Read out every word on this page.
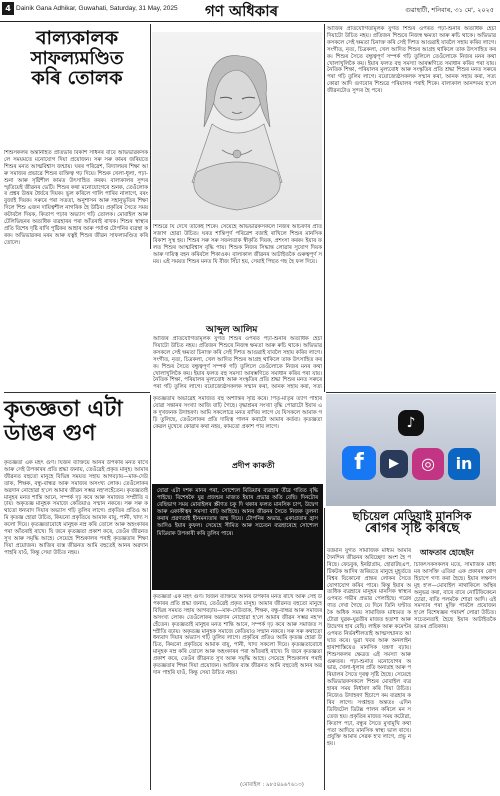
4 Dainik Gana Adhikar, Guwahati, Saturday, 31 May, 2025 গণ অধিকাৰ	গুৱাহাটী, শনিবাৰ, ৩১ মে', ২০২৫
বাল্যকালক
সাফল্যমণ্ডিত
কৰি তোলক
শিশুসকলৰ অন্তৰ্নিহিত প্ৰতিভাৰ বিকাশ সাধনৰ বাবে অভিভাৱকসকলে সময়মতে মনোযোগ দিয়া প্ৰয়োজন। সৰু সৰু কামৰ জৰিয়তে শিশুৰ মনত আত্মবিশ্বাস জন্মায়। ঘৰৰ পৰিৱেশ, বিদ্যালয়ৰ শিক্ষা আৰু সমাজৰ প্ৰভাৱে শিশুৰ ব্যক্তিত্ব গঢ় দিয়ে। শিশুক খেলা-ধূলা, পঢ়া-শুনা আৰু সৃষ্টিশীল কামত উৎসাহিত কৰক। বাল্যকালৰ সুন্দৰ স্মৃতিয়েই জীৱনৰ ভেটি। শিশুৰ কথা মনোযোগেৰে শুনক, তেওঁলোকৰ প্ৰশ্নৰ উত্তৰ ধৈৰ্যৰে দিয়ক। ভুল কৰিলে গালি পাৰিব নালাগে, বৰং বুজাই দিয়ক। সৰুৰে পৰা সততা, অনুশাসন আৰু সহানুভূতিৰ শিক্ষা দিলে শিশু এজন দায়িত্বশীল নাগৰিক হৈ উঠিব। প্ৰকৃতিৰ সৈতে সময় কটাবলৈ দিয়ক, কিতাপ পঢ়াৰ অভ্যাস গঢ়ি তোলক। মোবাইল আৰু টেলিভিছনৰ অত্যধিক ব্যৱহাৰৰ পৰা আঁতৰাই ৰাখক। শিশুৰ স্বাস্থ্যৰ প্ৰতি বিশেষ দৃষ্টি ৰাখি পুষ্টিকৰ আহাৰ আৰু পৰ্যাপ্ত টোপনিৰ ব্যৱস্থা কৰক। অভিভাৱকৰ মৰম আৰু যত্নই শিশুৰ জীৱন সাফল্যমণ্ডিত কৰি তোলে।
শিশুৱে যি দেখে তাকেই শিকে। সেয়েহে অভিভাৱকসকলে নিজৰ আচৰণৰ প্ৰতি সজাগ হোৱা উচিত। ঘৰত শান্তিপূৰ্ণ পৰিৱেশ বজাই ৰাখিলে শিশুৰ মানসিক বিকাশ সুস্থ হয়। শিশুৰ সৰু সৰু সফলতাক স্বীকৃতি দিয়ক, প্ৰশংসা কৰক। ইয়াৰ ফলত শিশুৰ আত্মবিশ্বাস বৃদ্ধি পায়। শিশুক নিজৰ সিদ্ধান্ত লোৱাৰ সুযোগ দিয়ক আৰু দায়িত্ব বহন কৰিবলৈ শিকাওক। বাল্যকাল জীৱনৰ আটাইতকৈ গুৰুত্বপূৰ্ণ সময়। এই সময়ত শিশুৰ মনত যি বীজ সিঁচা হয়, সেয়াই পিছত গছ হৈ ফল দিয়ে।
আব্দুল আলিম
আজিৰ প্ৰতিযোগিতামূলক যুগত শিশুৰ ওপৰত পঢ়া-শুনাৰ অত্যধিক হেঁচা দিয়াটো উচিত নহয়। প্ৰতিজন শিশুৰে নিজস্ব ক্ষমতা আৰু ৰুচি থাকে। অভিভাৱকসকলে সেই ক্ষমতা চিনাক্ত কৰি সেই দিশত আগুৱাই যাবলৈ সহায় কৰিব লাগে। সংগীত, নৃত্য, চিত্ৰকলা, খেল আদিত শিশুৰ আগ্ৰহ থাকিলে তাক উৎসাহিত কৰক। শিশুৰ সৈতে বন্ধুত্বপূৰ্ণ সম্পৰ্ক গঢ়ি তুলিলে তেওঁলোকে নিজৰ মনৰ কথা খোলাখুলিকৈ কয়। ইয়াৰ ফলত বহু সমস্যা আৰম্ভণিতে সমাধান কৰিব পৰা যায়। নৈতিক শিক্ষা, পৰিয়ালৰ মূল্যবোধ আৰু সংস্কৃতিৰ প্ৰতি শ্ৰদ্ধা শিশুৰ মনত সৰুৰে পৰা গঢ়ি তুলিব লাগে। বয়োজ্যেষ্ঠসকলক সন্মান কৰা, আনক সহায় কৰা, সত্য
আজিৰ প্ৰতিযোগিতামূলক যুগত শিশুৰ ওপৰত পঢ়া-শুনাৰ অত্যধিক হেঁচা দিয়াটো উচিত নহয়। প্ৰতিজন শিশুৰে নিজস্ব ক্ষমতা আৰু ৰুচি থাকে। অভিভাৱকসকলে সেই ক্ষমতা চিনাক্ত কৰি সেই দিশত আগুৱাই যাবলৈ সহায় কৰিব লাগে। সংগীত, নৃত্য, চিত্ৰকলা, খেল আদিত শিশুৰ আগ্ৰহ থাকিলে তাক উৎসাহিত কৰক। শিশুৰ সৈতে বন্ধুত্বপূৰ্ণ সম্পৰ্ক গঢ়ি তুলিলে তেওঁলোকে নিজৰ মনৰ কথা খোলাখুলিকৈ কয়। ইয়াৰ ফলত বহু সমস্যা আৰম্ভণিতে সমাধান কৰিব পৰা যায়। নৈতিক শিক্ষা, পৰিয়ালৰ মূল্যবোধ আৰু সংস্কৃতিৰ প্ৰতি শ্ৰদ্ধা শিশুৰ মনত সৰুৰে পৰা গঢ়ি তুলিব লাগে। বয়োজ্যেষ্ঠসকলক সন্মান কৰা, আনক সহায় কৰা, সত্য কোৱা আদি গুণবোৰ শিশুৱে পৰিয়ালৰ পৰাই শিকে। বাল্যকাল আনন্দময় হ'লে জীৱনটোও সুন্দৰ হৈ পৰে।
কৃতজ্ঞতা এটা
ডাঙৰ গুণ
কৃতজ্ঞতা এক মহৎ গুণ। যিজন ব্যক্তিয়ে আনৰ উপকাৰ মনত ৰাখে আৰু সেই উপকাৰৰ প্ৰতি শ্ৰদ্ধা জনায়, তেওঁৱেই প্ৰকৃত মানুহ। আমাৰ জীৱনত বহুতো মানুহে বিভিন্ন সময়ত সহায় আগবঢ়ায়—মাক-দেউতাক, শিক্ষক, বন্ধু-বান্ধৱ আৰু সমাজৰ অসংখ্য লোক। তেওঁলোকৰ অৱদান নোহোৱা হ'লে আমাৰ জীৱন সম্ভৱ নহ'লহেঁতেন। কৃতজ্ঞতাই মানুহৰ মনত শান্তি আনে, সম্পৰ্ক দৃঢ় কৰে আৰু সমাজত সম্প্ৰীতি বঢ়ায়। অকৃতজ্ঞ মানুহক সমাজে কেতিয়াও সন্মান নকৰে। সৰু সৰু কথাতো ধন্যবাদ দিয়াৰ অভ্যাস গঢ়ি তুলিব লাগে। প্ৰকৃতিৰ প্ৰতিও আমি কৃতজ্ঞ হোৱা উচিত, কিয়নো প্ৰকৃতিয়ে আমাক বায়ু, পানী, খাদ্য সকলো দিয়ে। কৃতজ্ঞতাবোধে মানুহক নম্ৰ কৰি তোলে আৰু অহংকাৰৰ পৰা আঁতৰাই ৰাখে। যি জনে কৃতজ্ঞতা প্ৰকাশ কৰে, তেওঁৰ জীৱনত সুখ আৰু সমৃদ্ধি আহে। সেয়েহে শিশুকালৰ পৰাই কৃতজ্ঞতাৰ শিক্ষা দিয়া প্ৰয়োজন। আজিৰ ব্যস্ত জীৱনত আমি বহুতেই আনৰ অৱদান পাহৰি যাওঁ, কিন্তু সেয়া উচিত নহয়।
কৃতজ্ঞতাৰ অভাৱেই সমাজত বহু অশান্তিৰ সৃষ্টি কৰে। পিতৃ-মাতৃৰ ত্যাগ পাহৰি যোৱা সন্তানৰ সংখ্যা আজি বাঢ়ি গৈছে। বৃদ্ধাশ্ৰমৰ সংখ্যা বৃদ্ধি পোৱাটো ইয়াৰ এক দুখজনক উদাহৰণ। আমি সকলোৱে মনত ৰাখিব লাগে যে যিসকলে আমাক গঢ়ি তুলিছে, তেওঁলোকৰ প্ৰতি দায়িত্ব পালন কৰাটো আমাৰ কৰ্তব্য। কৃতজ্ঞতা কেৱল মুখেৰে কোৱাৰ কথা নহয়, কামতো প্ৰকাশ পাব লাগে।
প্ৰদীপ কাকতী
যোৱা এটা দশক মানৰ পৰা, সোশ্যেল মিডিয়াৰ ব্যৱহাৰ তীব্ৰ গতিত বৃদ্ধি পাইছে। বিশেষকৈ যুৱ প্ৰজন্মৰ মাজত ইয়াৰ প্ৰভাৱ অতি বেছি। দিনটোৰ বেছিভাগ সময় মোবাইলৰ স্ক্ৰীণত চকু দি থকাৰ ফলত মানসিক চাপ, উদ্বেগ আৰু একাকীত্বৰ সমস্যা বাঢ়ি আহিছে। আনৰ জীৱনৰ সৈতে নিজক তুলনা কৰাৰ প্ৰৱণতাই হীনমন্যতাৰ জন্ম দিয়ে। টোপনিৰ অভাৱ, একাগ্ৰতাৰ হ্ৰাস আদিও ইয়াৰ কুফল। সেয়েহে সীমিত আৰু সচেতন ব্যৱহাৰেহে সোশ্যেল মিডিয়াক উপকাৰী কৰি তুলিব পাৰে।
কৃতজ্ঞতা এক মহৎ গুণ। যিজন ব্যক্তিয়ে আনৰ উপকাৰ মনত ৰাখে আৰু সেই উপকাৰৰ প্ৰতি শ্ৰদ্ধা জনায়, তেওঁৱেই প্ৰকৃত মানুহ। আমাৰ জীৱনত বহুতো মানুহে বিভিন্ন সময়ত সহায় আগবঢ়ায়—মাক-দেউতাক, শিক্ষক, বন্ধু-বান্ধৱ আৰু সমাজৰ অসংখ্য লোক। তেওঁলোকৰ অৱদান নোহোৱা হ'লে আমাৰ জীৱন সম্ভৱ নহ'লহেঁতেন। কৃতজ্ঞতাই মানুহৰ মনত শান্তি আনে, সম্পৰ্ক দৃঢ় কৰে আৰু সমাজত সম্প্ৰীতি বঢ়ায়। অকৃতজ্ঞ মানুহক সমাজে কেতিয়াও সন্মান নকৰে। সৰু সৰু কথাতো ধন্যবাদ দিয়াৰ অভ্যাস গঢ়ি তুলিব লাগে। প্ৰকৃতিৰ প্ৰতিও আমি কৃতজ্ঞ হোৱা উচিত, কিয়নো প্ৰকৃতিয়ে আমাক বায়ু, পানী, খাদ্য সকলো দিয়ে। কৃতজ্ঞতাবোধে মানুহক নম্ৰ কৰি তোলে আৰু অহংকাৰৰ পৰা আঁতৰাই ৰাখে। যি জনে কৃতজ্ঞতা প্ৰকাশ কৰে, তেওঁৰ জীৱনত সুখ আৰু সমৃদ্ধি আহে। সেয়েহে শিশুকালৰ পৰাই কৃতজ্ঞতাৰ শিক্ষা দিয়া প্ৰয়োজন। আজিৰ ব্যস্ত জীৱনত আমি বহুতেই আনৰ অৱদান পাহৰি যাওঁ, কিন্তু সেয়া উচিত নহয়।
♪
f	▶	◎	in
ছচিয়েল মেডিয়াই মানসিক
ৰোগৰ সৃষ্টি কৰিছে
বৰ্তমান যুগত সামাজিক মাধ্যম আমাৰ দৈনন্দিন জীৱনৰ অবিচ্ছেদ্য অংশ হৈ পৰিছে। ফেচবুক, ইনষ্টাগ্ৰাম, হোৱাটছএপ, টিকটক আদিৰ জৰিয়তে মানুহে মুহূৰ্ততে বিশ্বৰ যিকোনো প্ৰান্তৰ লোকৰ সৈতে যোগাযোগ কৰিব পাৰে। কিন্তু ইয়াৰ অত্যধিক ব্যৱহাৰে মানুহৰ মানসিক স্বাস্থ্যৰ ওপৰত গভীৰ প্ৰভাৱ পেলাইছে। গৱেষণাত দেখা গৈছে যে দিনে তিনি ঘণ্টাতকৈ অধিক সময় সামাজিক মাধ্যমত কটোৱা যুৱক-যুৱতীৰ মাজত হতাশা আৰু উদ্বেগৰ হাৰ বেছি। লাইক আৰু কমেণ্টৰ ওপৰত নিৰ্ভৰশীলতাই আত্মসন্মানত আঘাত কৰে। ভুৱা খবৰ আৰু অনলাইন হাৰাশাস্তিয়েও মানসিক যন্ত্ৰণা বঢ়ায়। শিশুসকলৰ ক্ষেত্ৰত এই সমস্যা আৰু গুৰুতৰ। পঢ়া-শুনাত মনোযোগৰ অভাৱ, খেলা-ধূলাৰ প্ৰতি অনাগ্ৰহ আৰু পৰিয়ালৰ সৈতে দূৰত্ব সৃষ্টি হৈছে। সেয়েহে অভিভাৱকসকলে শিশুৰ মোবাইল ব্যৱহাৰৰ সময় নিৰ্ধাৰণ কৰি দিয়া উচিত। নিজেও উদাহৰণ হিচাপে কম ব্যৱহাৰ কৰিব লাগে। সপ্তাহত অন্ততঃ এদিন ডিজিটেল ডিটক্স পালন কৰিলে মন সতেজ হয়। প্ৰকৃতিৰ মাজত সময় কটোৱা, কিতাপ পঢ়া, বন্ধুৰ সৈতে মুখামুখি কথা পতা আদিয়ে মানসিক স্বাস্থ্য ভাল ৰাখে। প্ৰযুক্তি আমাৰ সেৱক হ'ব লাগে, প্ৰভু নহয়।
আফতাব হোছেইন
চিকিৎসকসকলৰ মতে, সামাজিক মাধ্যমৰ আসক্তি এতিয়া এক প্ৰকাৰৰ ৰোগ হিচাপে গণ্য কৰা হৈছে। ইয়াৰ লক্ষণসমূহ হ'ল—মোবাইল নাথাকিলে অস্থিৰ অনুভৱ কৰা, বাৰে বাৰে নোটিফিকেচন চোৱা, ৰাতি পলমকৈ শোৱা আদি। এই সমস্যাৰ পৰা মুক্তি পাবলৈ প্ৰয়োজন হ'লে বিশেষজ্ঞৰ পৰামৰ্শ লোৱা উচিত। সচেতনতাই হৈছে ইয়াৰ আটাইতকৈ ডাঙৰ প্ৰতিকাৰ।
(মোবাইল : ৯৮৫৪৯৬৭৬১৩)
